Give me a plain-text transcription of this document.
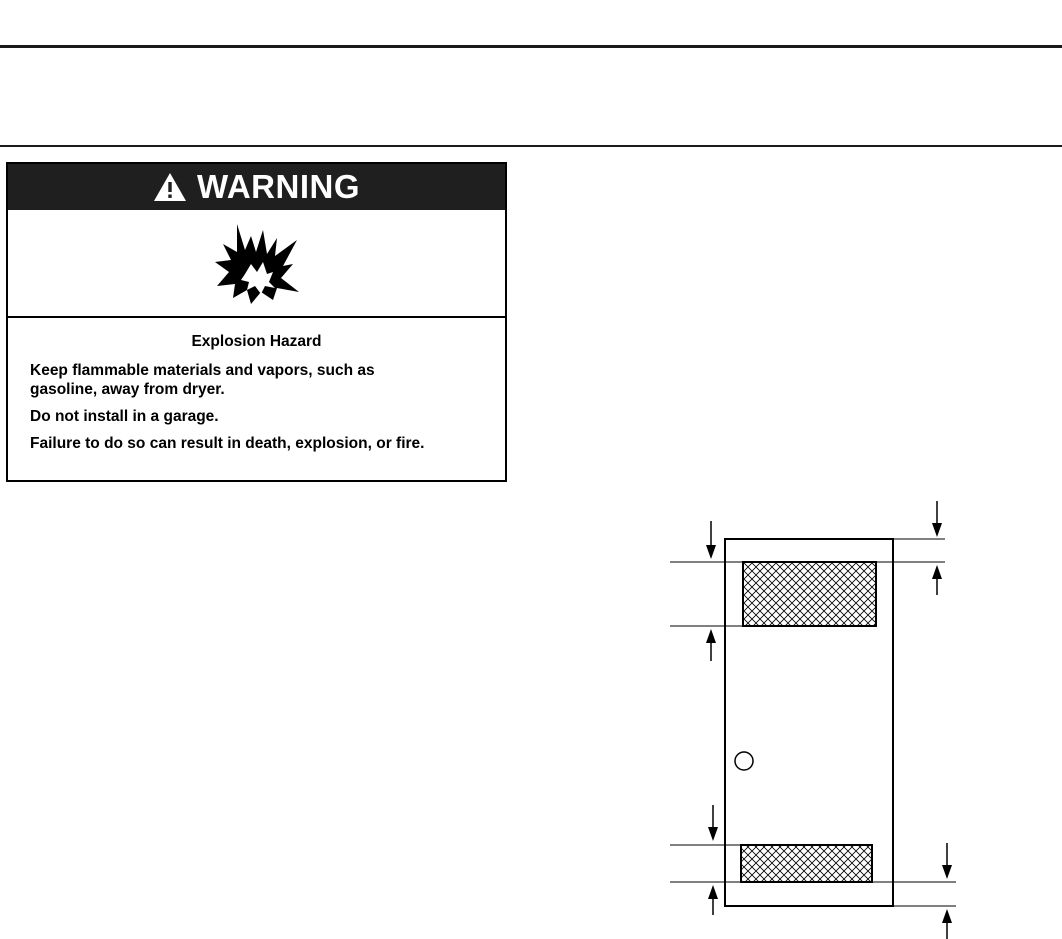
WARNING

Explosion Hazard

Keep flammable materials and vapors, such as

gasoline, away from dryer.

Do not install in a garage.

Failure to do so can result in death, explosion, or fire.
